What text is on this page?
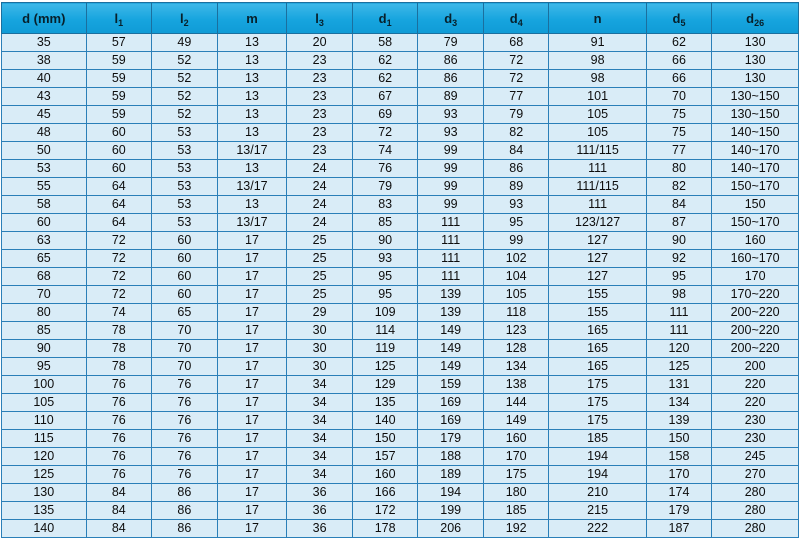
d (mm)	$l_1$	$l_2$	m	$l_3$	$d_1$	$d_3$	$d_4$	n	$d_5$	$d_{26}$
35	57	49	13	20	58	79	68	91	62	130
38	59	52	13	23	62	86	72	98	66	130
40	59	52	13	23	62	86	72	98	66	130
43	59	52	13	23	67	89	77	101	70	130~150
45	59	52	13	23	69	93	79	105	75	130~150
48	60	53	13	23	72	93	82	105	75	140~150
50	60	53	13/17	23	74	99	84	111/115	77	140~170
53	60	53	13	24	76	99	86	111	80	140~170
55	64	53	13/17	24	79	99	89	111/115	82	150~170
58	64	53	13	24	83	99	93	111	84	150
60	64	53	13/17	24	85	111	95	123/127	87	150~170
63	72	60	17	25	90	111	99	127	90	160
65	72	60	17	25	93	111	102	127	92	160~170
68	72	60	17	25	95	111	104	127	95	170
70	72	60	17	25	95	139	105	155	98	170~220
80	74	65	17	29	109	139	118	155	111	200~220
85	78	70	17	30	114	149	123	165	111	200~220
90	78	70	17	30	119	149	128	165	120	200~220
95	78	70	17	30	125	149	134	165	125	200
100	76	76	17	34	129	159	138	175	131	220
105	76	76	17	34	135	169	144	175	134	220
110	76	76	17	34	140	169	149	175	139	230
115	76	76	17	34	150	179	160	185	150	230
120	76	76	17	34	157	188	170	194	158	245
125	76	76	17	34	160	189	175	194	170	270
130	84	86	17	36	166	194	180	210	174	280
135	84	86	17	36	172	199	185	215	179	280
140	84	86	17	36	178	206	192	222	187	280
